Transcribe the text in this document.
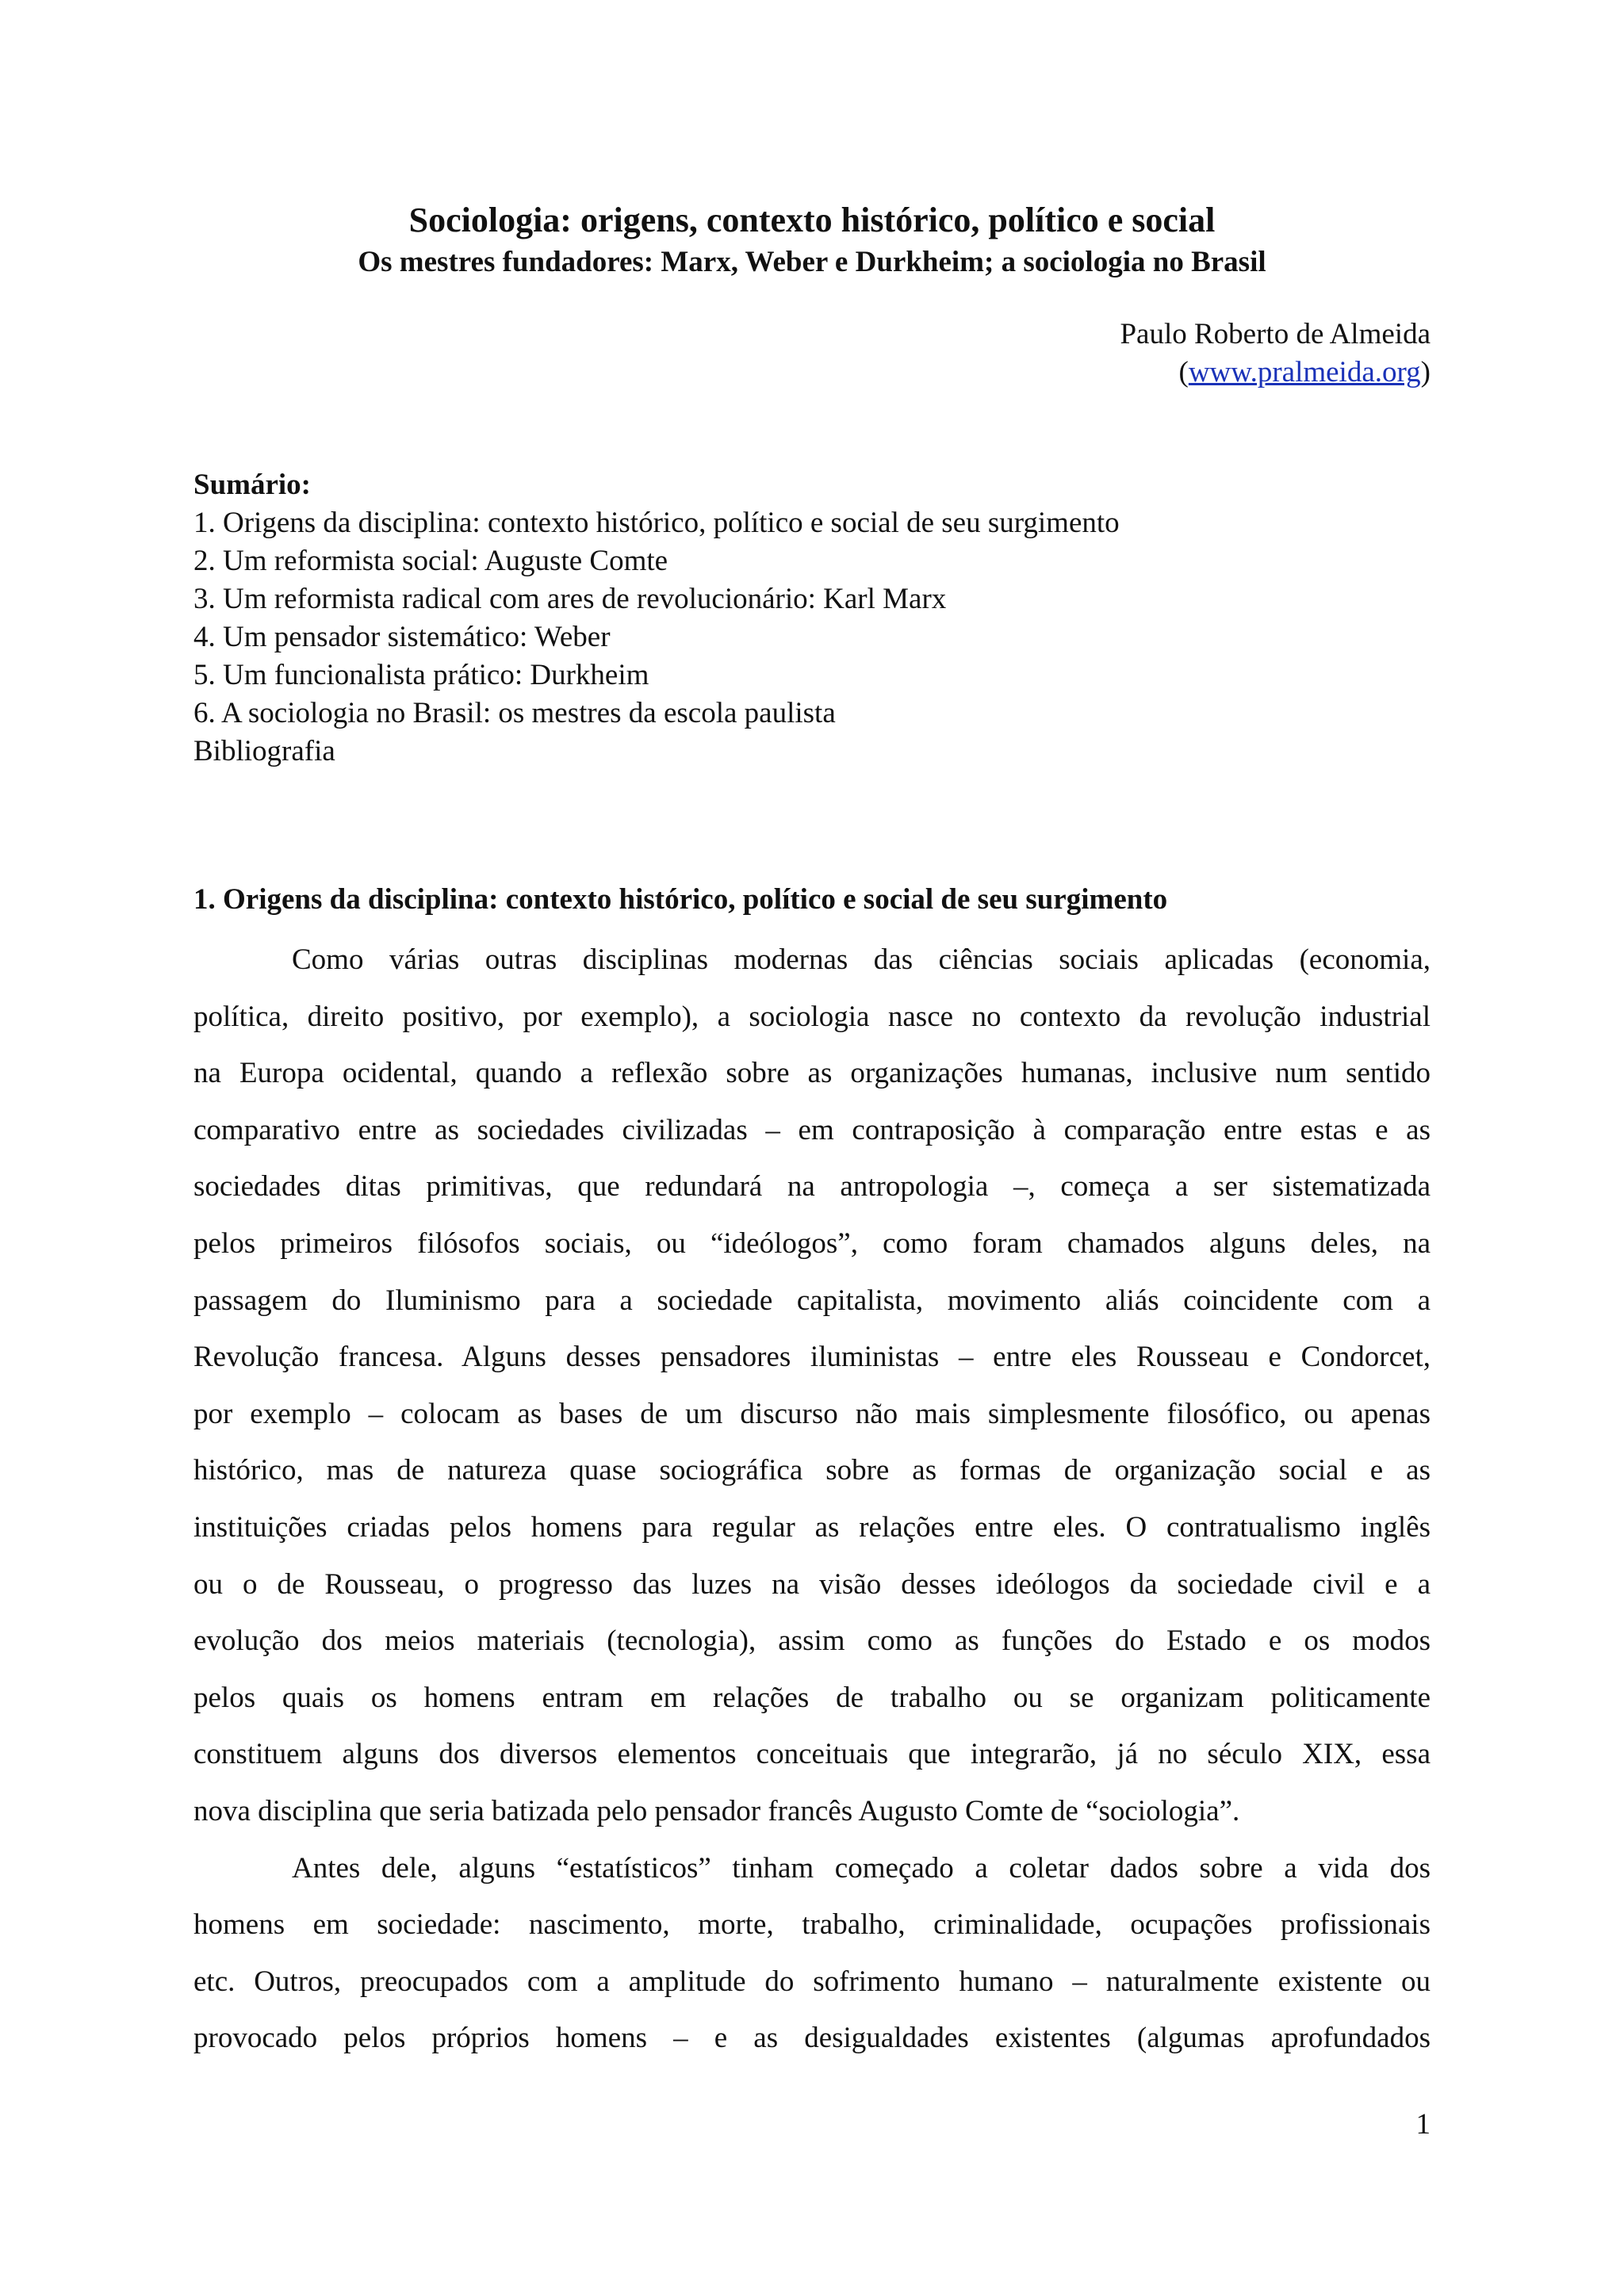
Sociologia: origens, contexto histórico, político e social
Os mestres fundadores: Marx, Weber e Durkheim; a sociologia no Brasil
Paulo Roberto de Almeida
(www.pralmeida.org)
Sumário:
1. Origens da disciplina: contexto histórico, político e social de seu surgimento
2. Um reformista social: Auguste Comte
3. Um reformista radical com ares de revolucionário: Karl Marx
4. Um pensador sistemático: Weber
5. Um funcionalista prático: Durkheim
6. A sociologia no Brasil: os mestres da escola paulista
Bibliografia
1. Origens da disciplina: contexto histórico, político e social de seu surgimento
Como várias outras disciplinas modernas das ciências sociais aplicadas (economia,
política, direito positivo, por exemplo), a sociologia nasce no contexto da revolução industrial
na Europa ocidental, quando a reflexão sobre as organizações humanas, inclusive num sentido
comparativo entre as sociedades civilizadas – em contraposição à comparação entre estas e as
sociedades ditas primitivas, que redundará na antropologia –, começa a ser sistematizada
pelos primeiros filósofos sociais, ou “ideólogos”, como foram chamados alguns deles, na
passagem do Iluminismo para a sociedade capitalista, movimento aliás coincidente com a
Revolução francesa. Alguns desses pensadores iluministas – entre eles Rousseau e Condorcet,
por exemplo – colocam as bases de um discurso não mais simplesmente filosófico, ou apenas
histórico, mas de natureza quase sociográfica sobre as formas de organização social e as
instituições criadas pelos homens para regular as relações entre eles. O contratualismo inglês
ou o de Rousseau, o progresso das luzes na visão desses ideólogos da sociedade civil e a
evolução dos meios materiais (tecnologia), assim como as funções do Estado e os modos
pelos quais os homens entram em relações de trabalho ou se organizam politicamente
constituem alguns dos diversos elementos conceituais que integrarão, já no século XIX, essa
nova disciplina que seria batizada pelo pensador francês Augusto Comte de “sociologia”.
Antes dele, alguns “estatísticos” tinham começado a coletar dados sobre a vida dos
homens em sociedade: nascimento, morte, trabalho, criminalidade, ocupações profissionais
etc. Outros, preocupados com a amplitude do sofrimento humano – naturalmente existente ou
provocado pelos próprios homens – e as desigualdades existentes (algumas aprofundados
1
